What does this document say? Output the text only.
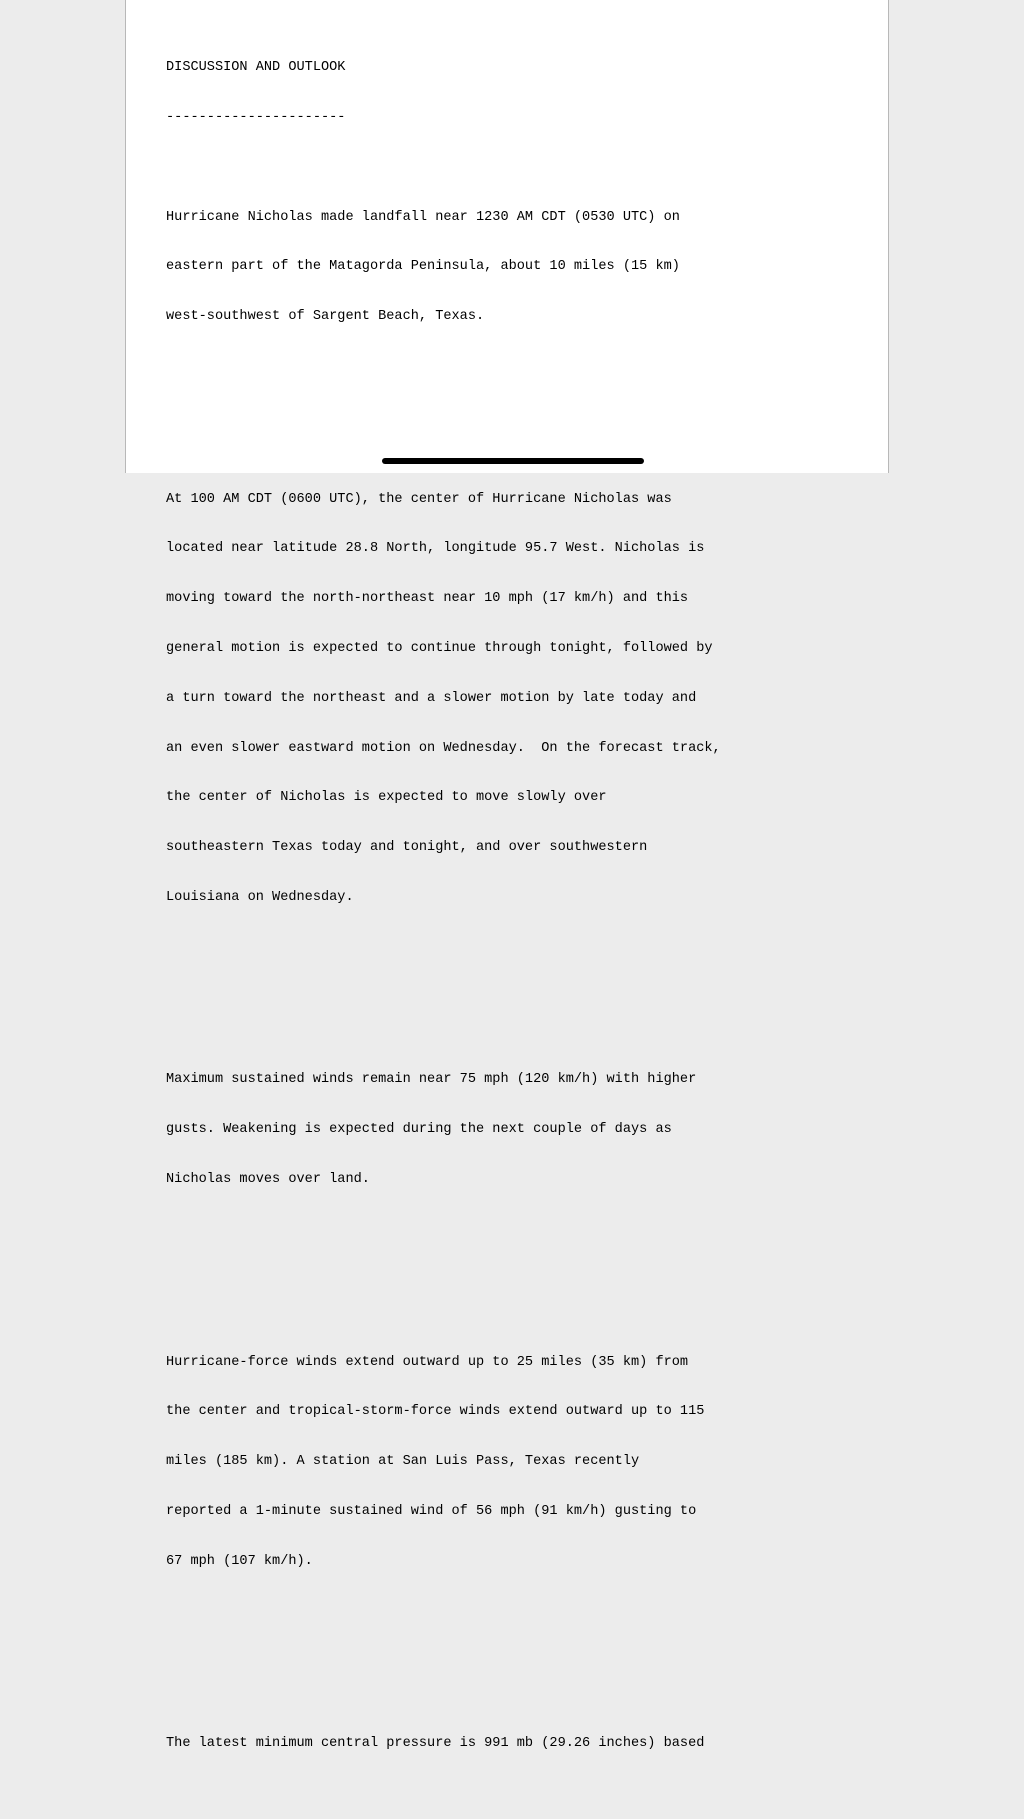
DISCUSSION AND OUTLOOK

----------------------

Hurricane Nicholas made landfall near 1230 AM CDT (0530 UTC) on

eastern part of the Matagorda Peninsula, about 10 miles (15 km)

west-southwest of Sargent Beach, Texas.

At 100 AM CDT (0600 UTC), the center of Hurricane Nicholas was

located near latitude 28.8 North, longitude 95.7 West. Nicholas is

moving toward the north-northeast near 10 mph (17 km/h) and this

general motion is expected to continue through tonight, followed by

a turn toward the northeast and a slower motion by late today and

an even slower eastward motion on Wednesday.  On the forecast track,

the center of Nicholas is expected to move slowly over

southeastern Texas today and tonight, and over southwestern

Louisiana on Wednesday.

Maximum sustained winds remain near 75 mph (120 km/h) with higher

gusts. Weakening is expected during the next couple of days as

Nicholas moves over land.

Hurricane-force winds extend outward up to 25 miles (35 km) from

the center and tropical-storm-force winds extend outward up to 115

miles (185 km). A station at San Luis Pass, Texas recently

reported a 1-minute sustained wind of 56 mph (91 km/h) gusting to

67 mph (107 km/h).

The latest minimum central pressure is 991 mb (29.26 inches) based
